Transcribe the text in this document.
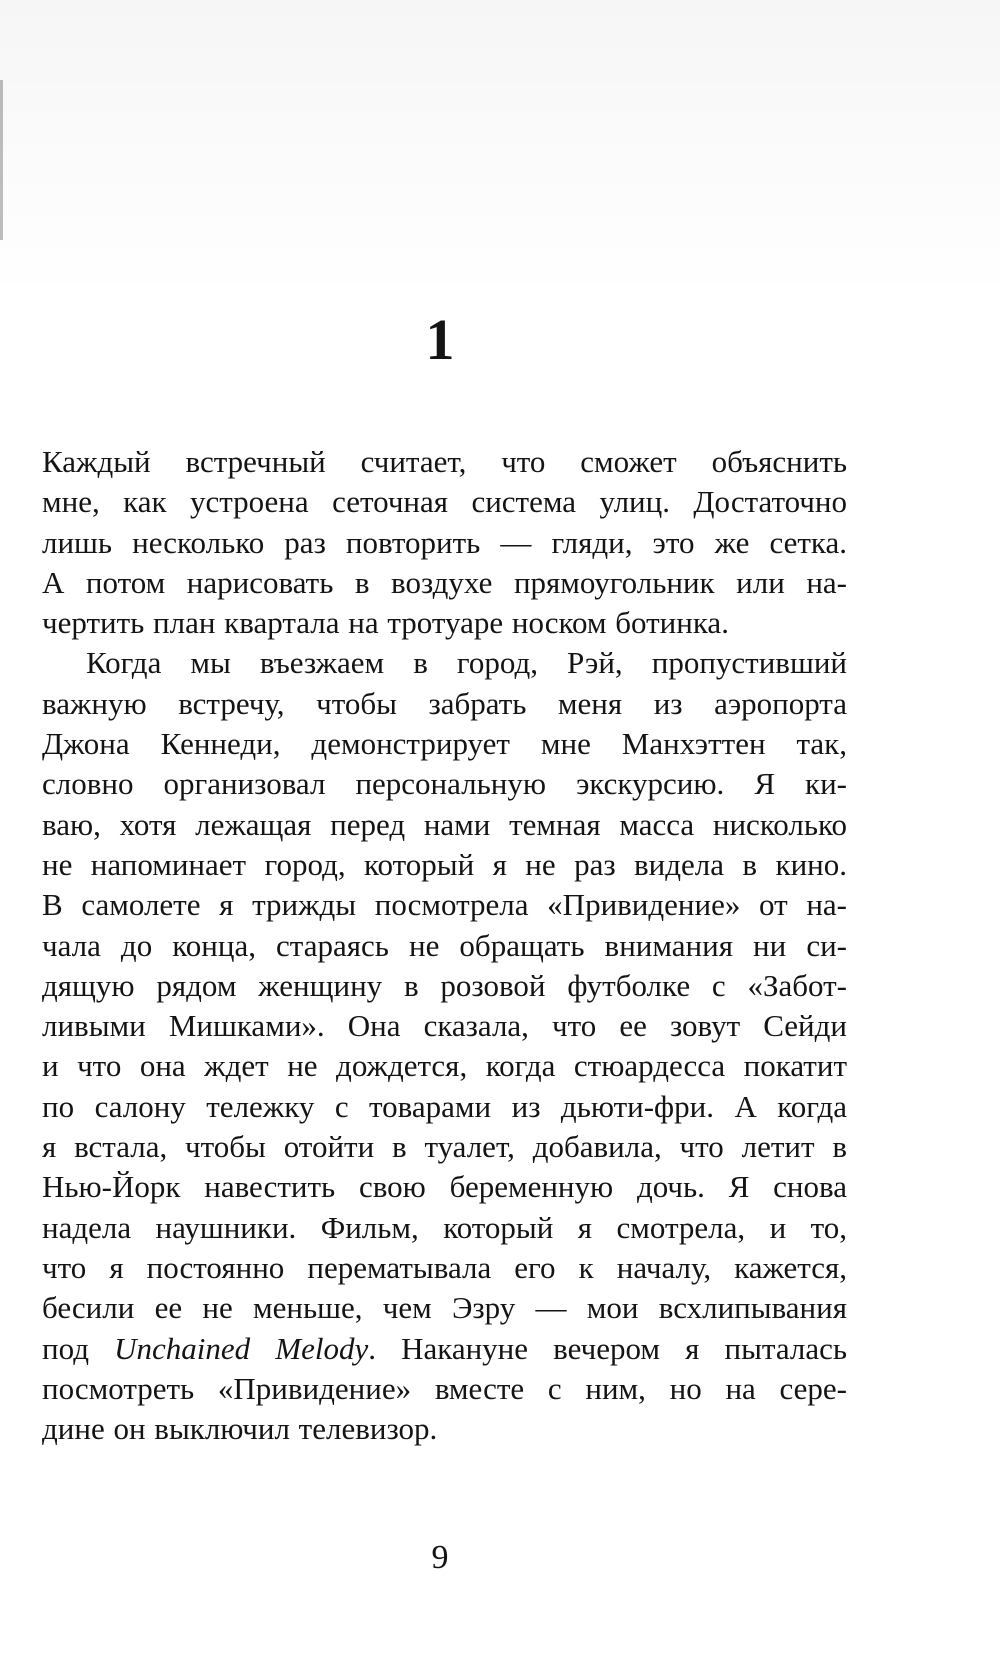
1
Каждый встречный считает, что сможет объяснить
мне, как устроена сеточная система улиц. Достаточно
лишь несколько раз повторить — гляди, это же сетка.
А потом нарисовать в воздухе прямоугольник или на-
чертить план квартала на тротуаре носком ботинка.
Когда мы въезжаем в город, Рэй, пропустивший
важную встречу, чтобы забрать меня из аэропорта
Джона Кеннеди, демонстрирует мне Манхэттен так,
словно организовал персональную экскурсию. Я ки-
ваю, хотя лежащая перед нами темная масса нисколько
не напоминает город, который я не раз видела в кино.
В самолете я трижды посмотрела «Привидение» от на-
чала до конца, стараясь не обращать внимания ни си-
дящую рядом женщину в розовой футболке с «Забот-
ливыми Мишками». Она сказала, что ее зовут Сейди
и что она ждет не дождется, когда стюардесса покатит
по салону тележку с товарами из дьюти-фри. А когда
я встала, чтобы отойти в туалет, добавила, что летит в
Нью-Йорк навестить свою беременную дочь. Я снова
надела наушники. Фильм, который я смотрела, и то,
что я постоянно перематывала его к началу, кажется,
бесили ее не меньше, чем Эзру — мои всхлипывания
под Unchained Melody. Накануне вечером я пыталась
посмотреть «Привидение» вместе с ним, но на сере-
дине он выключил телевизор.
9
